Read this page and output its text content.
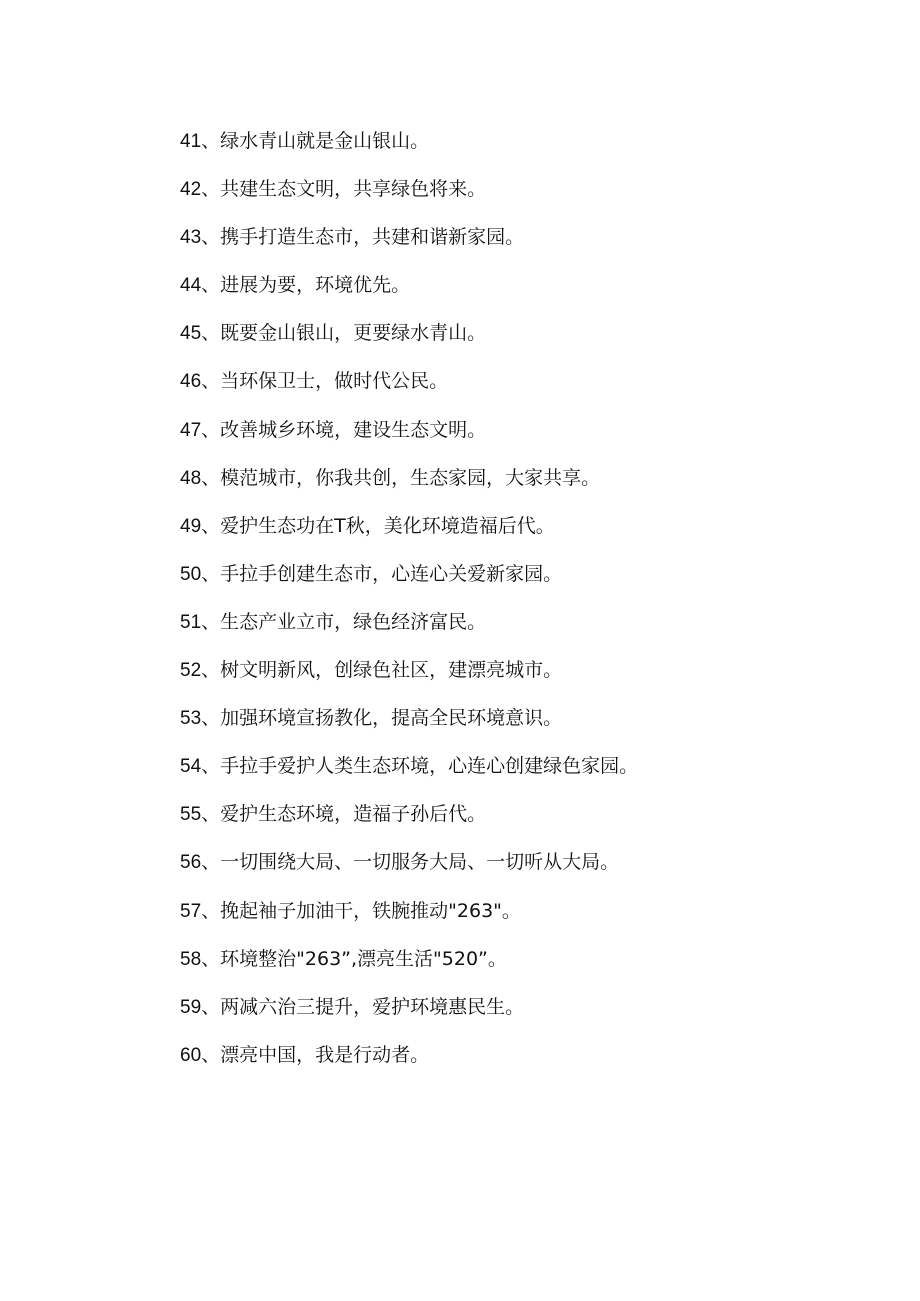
41、绿水青山就是金山银山。
42、共建生态文明，共享绿色将来。
43、携手打造生态市，共建和谐新家园。
44、进展为要，环境优先。
45、既要金山银山，更要绿水青山。
46、当环保卫士，做时代公民。
47、改善城乡环境，建设生态文明。
48、模范城市，你我共创，生态家园，大家共享。
49、爱护生态功在T秋，美化环境造福后代。
50、手拉手创建生态市，心连心关爱新家园。
51、生态产业立市，绿色经济富民。
52、树文明新风，创绿色社区，建漂亮城市。
53、加强环境宣扬教化，提高全民环境意识。
54、手拉手爱护人类生态环境，心连心创建绿色家园。
55、爱护生态环境，造福子孙后代。
56、一切围绕大局、一切服务大局、一切听从大局。
57、挽起袖子加油干，铁腕推动"263"。
58、环境整治"263”,漂亮生活"520”。
59、两减六治三提升，爱护环境惠民生。
60、漂亮中国，我是行动者。
